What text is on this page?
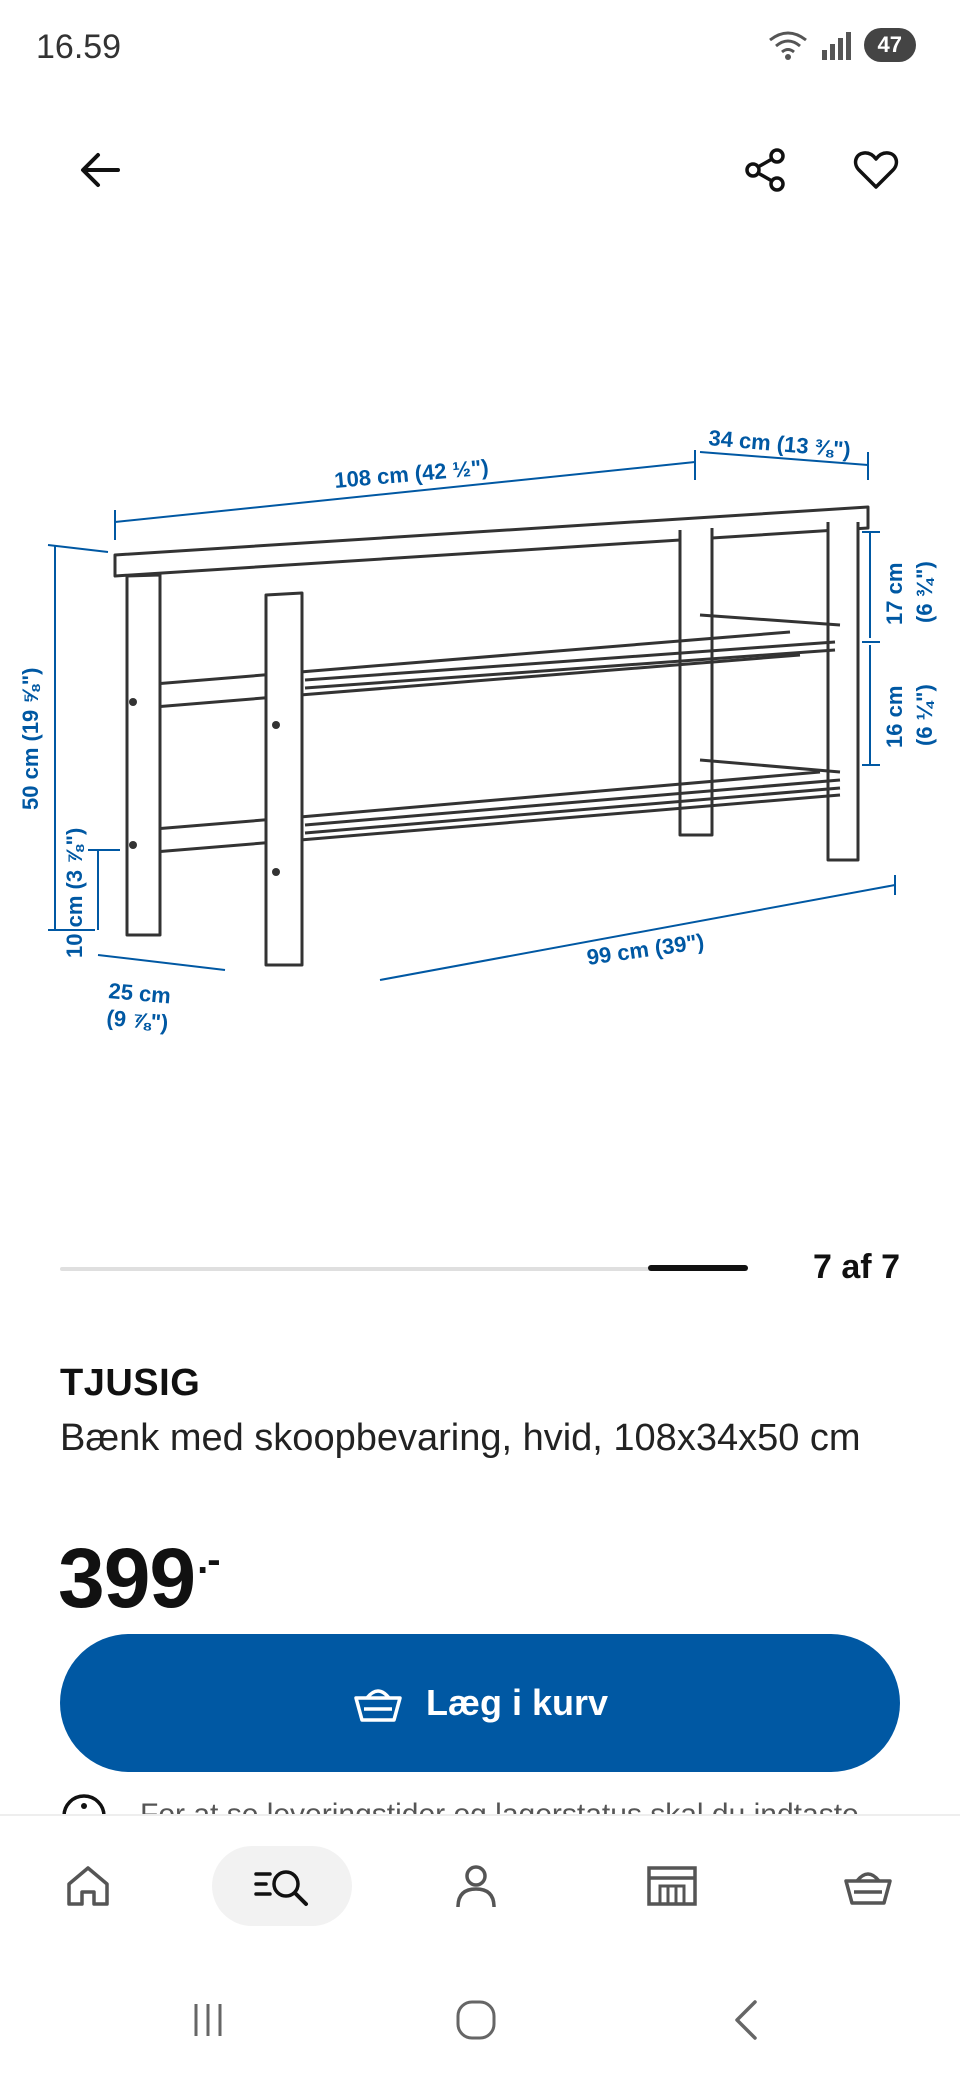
16.59	47
108 cm (42 ½")
34 cm (13 ⅜")
50 cm (19 ⅝")
10 cm (3 ⅞")
17 cm (6 ¾")
16 cm (6 ¼")
99 cm (39")
25 cm
(9 ⅞")
7 af 7
TJUSIG
Bænk med skoopbevaring, hvid, 108x34x50 cm
399.-
Læg i kurv
